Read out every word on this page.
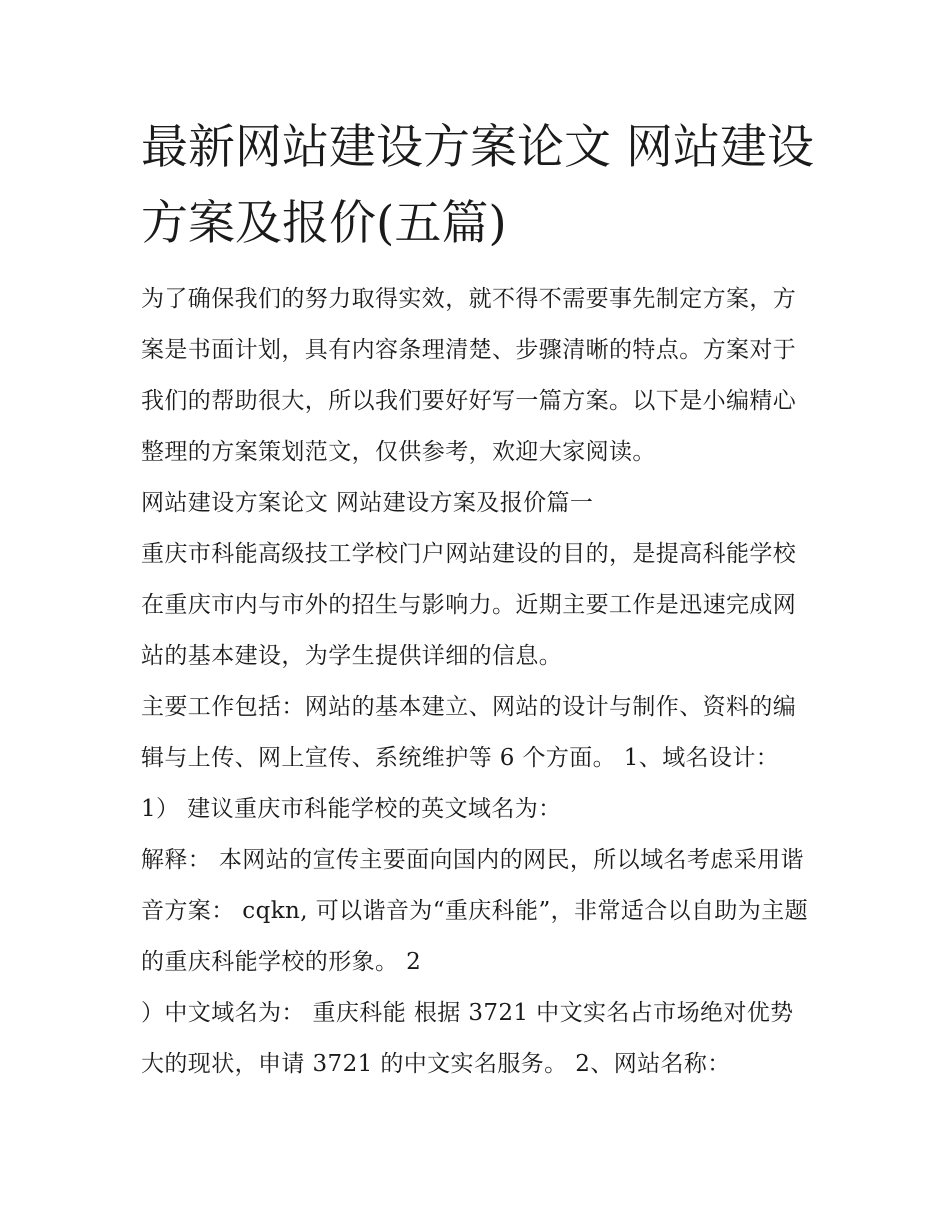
最新网站建设方案论文 网站建设方案及报价(五篇)

为了确保我们的努力取得实效，就不得不需要事先制定方案，方案是书面计划，具有内容条理清楚、步骤清晰的特点。方案对于我们的帮助很大，所以我们要好好写一篇方案。以下是小编精心整理的方案策划范文，仅供参考，欢迎大家阅读。

网站建设方案论文 网站建设方案及报价篇一

重庆市科能高级技工学校门户网站建设的目的，是提高科能学校在重庆市内与市外的招生与影响力。近期主要工作是迅速完成网站的基本建设，为学生提供详细的信息。

主要工作包括：网站的基本建立、网站的设计与制作、资料的编辑与上传、网上宣传、系统维护等 6 个方面。 1、域名设计： 1） 建议重庆市科能学校的英文域名为：

解释： 本网站的宣传主要面向国内的网民，所以域名考虑采用谐音方案： cqkn, 可以谐音为“重庆科能”，非常适合以自助为主题的重庆科能学校的形象。 2

）中文域名为： 重庆科能 根据 3721 中文实名占市场绝对优势大的现状，申请 3721 的中文实名服务。 2、网站名称：
